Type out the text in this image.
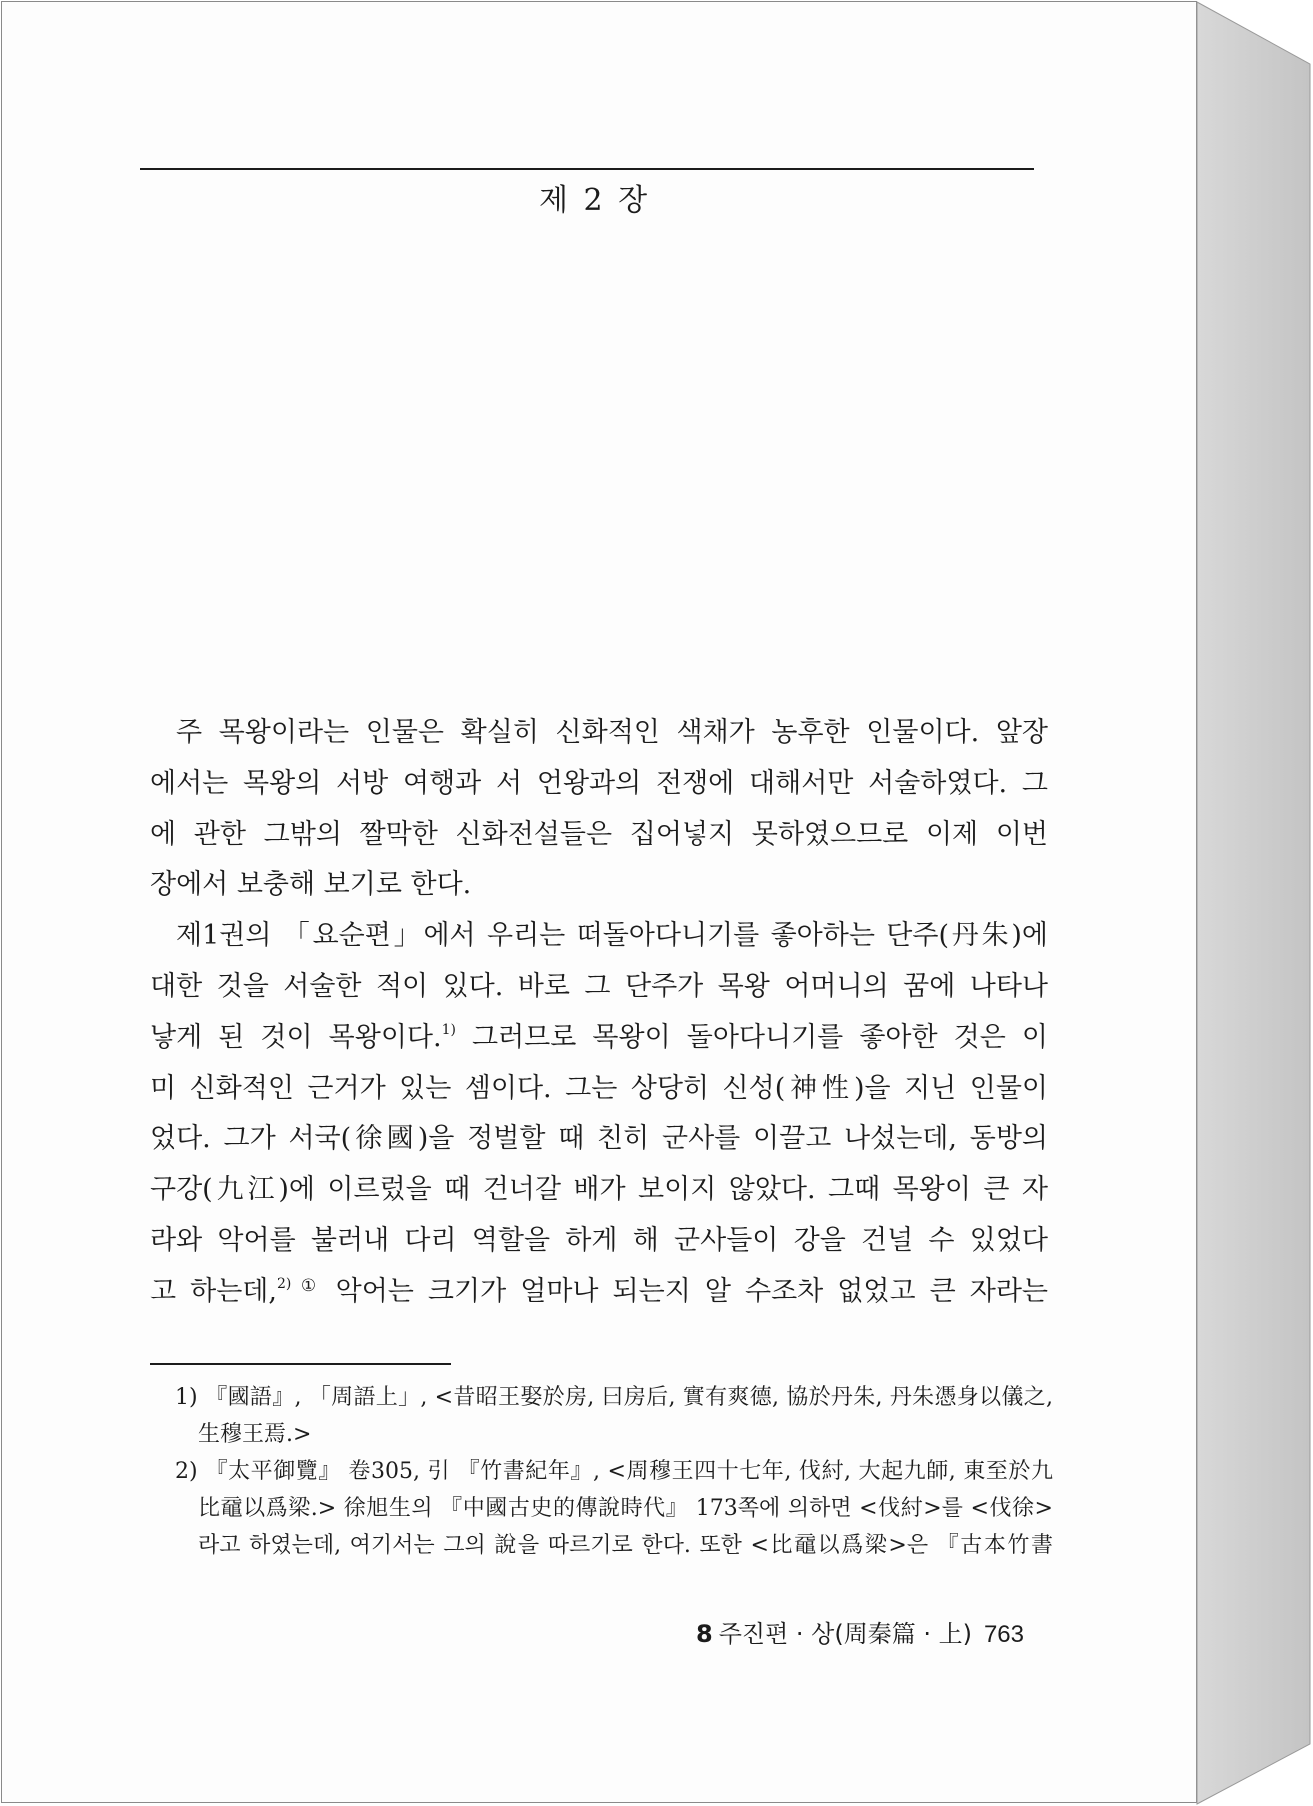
제 2 장
주 목왕이라는 인물은 확실히 신화적인 색채가 농후한 인물이다. 앞장
에서는 목왕의 서방 여행과 서 언왕과의 전쟁에 대해서만 서술하였다. 그
에 관한 그밖의 짤막한 신화전설들은 집어넣지 못하였으므로 이제 이번
장에서 보충해 보기로 한다.
제1권의 「요순편」에서 우리는 떠돌아다니기를 좋아하는 단주(丹朱)에
대한 것을 서술한 적이 있다. 바로 그 단주가 목왕 어머니의 꿈에 나타나
낳게 된 것이 목왕이다.$^{1)}$ 그러므로 목왕이 돌아다니기를 좋아한 것은 이
미 신화적인 근거가 있는 셈이다. 그는 상당히 신성(神性)을 지닌 인물이
었다. 그가 서국(徐國)을 정벌할 때 친히 군사를 이끌고 나섰는데, 동방의
구강(九江)에 이르렀을 때 건너갈 배가 보이지 않았다. 그때 목왕이 큰 자
라와 악어를 불러내 다리 역할을 하게 해 군사들이 강을 건널 수 있었다
고 하는데,$^{2)}$ ① 악어는 크기가 얼마나 되는지 알 수조차 없었고 큰 자라는
1) 『國語』, 「周語上」, <昔昭王娶於房, 曰房后, 實有爽德, 協於丹朱, 丹朱憑身以儀之,
生穆王焉.>
2) 『太平御覽』 卷305, 引 『竹書紀年』, <周穆王四十七年, 伐紂, 大起九師, 東至於九
比黿以爲梁.> 徐旭生의 『中國古史的傳說時代』 173쪽에 의하면 <伐紂>를 <伐徐>
라고 하였는데, 여기서는 그의 說을 따르기로 한다. 또한 <比黿以爲梁>은 『古本竹書
8 주진편 · 상(周秦篇 · 上) 763
